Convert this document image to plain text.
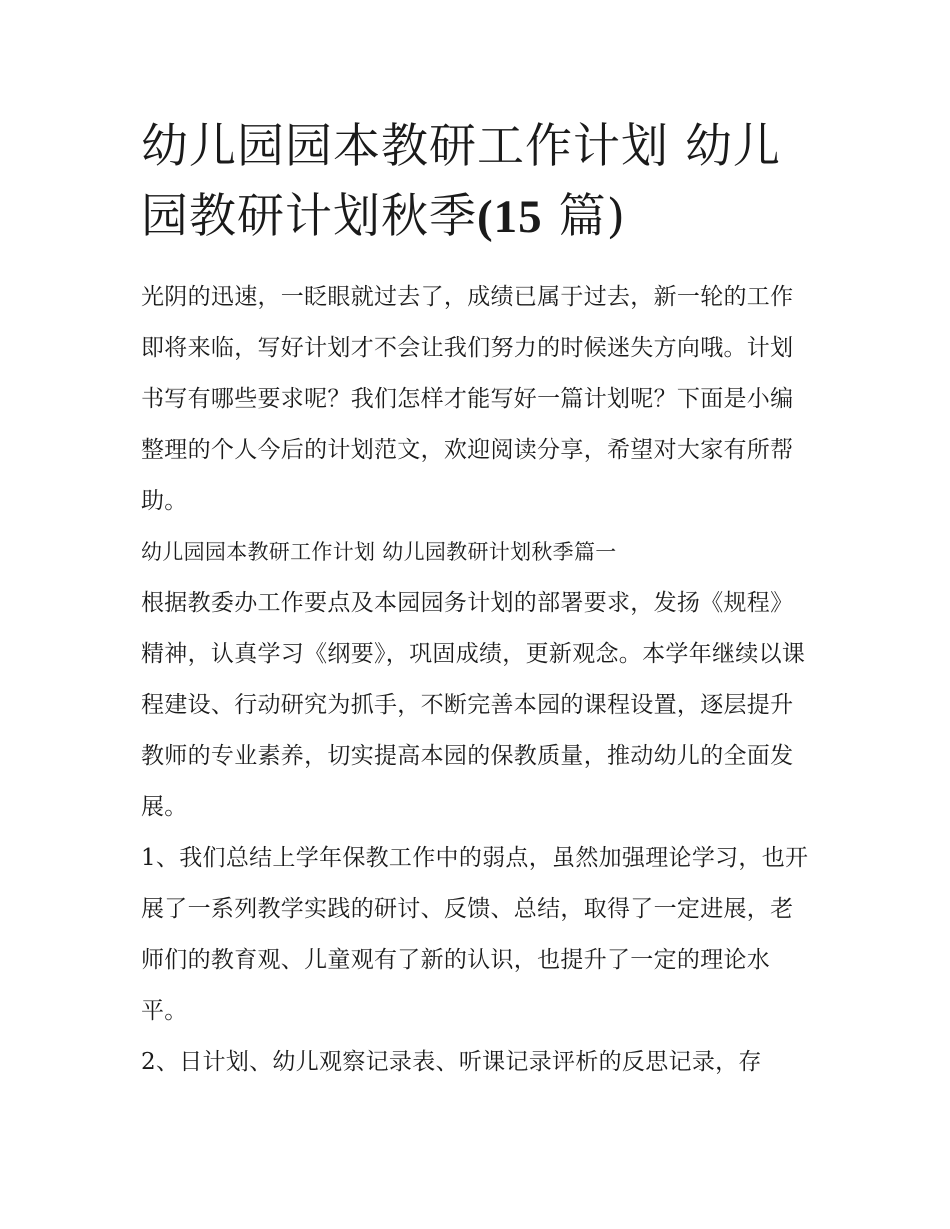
幼儿园园本教研工作计划 幼儿
园教研计划秋季(15 篇)

光阴的迅速，一眨眼就过去了，成绩已属于过去，新一轮的工作即将来临，写好计划才不会让我们努力的时候迷失方向哦。计划书写有哪些要求呢？我们怎样才能写好一篇计划呢？下面是小编整理的个人今后的计划范文，欢迎阅读分享，希望对大家有所帮助。

幼儿园园本教研工作计划 幼儿园教研计划秋季篇一

根据教委办工作要点及本园园务计划的部署要求，发扬《规程》精神，认真学习《纲要》，巩固成绩，更新观念。本学年继续以课程建设、行动研究为抓手，不断完善本园的课程设置，逐层提升教师的专业素养，切实提高本园的保教质量，推动幼儿的全面发展。

1、我们总结上学年保教工作中的弱点，虽然加强理论学习，也开展了一系列教学实践的研讨、反馈、总结，取得了一定进展，老师们的教育观、儿童观有了新的认识，也提升了一定的理论水平。

2、日计划、幼儿观察记录表、听课记录评析的反思记录，存
